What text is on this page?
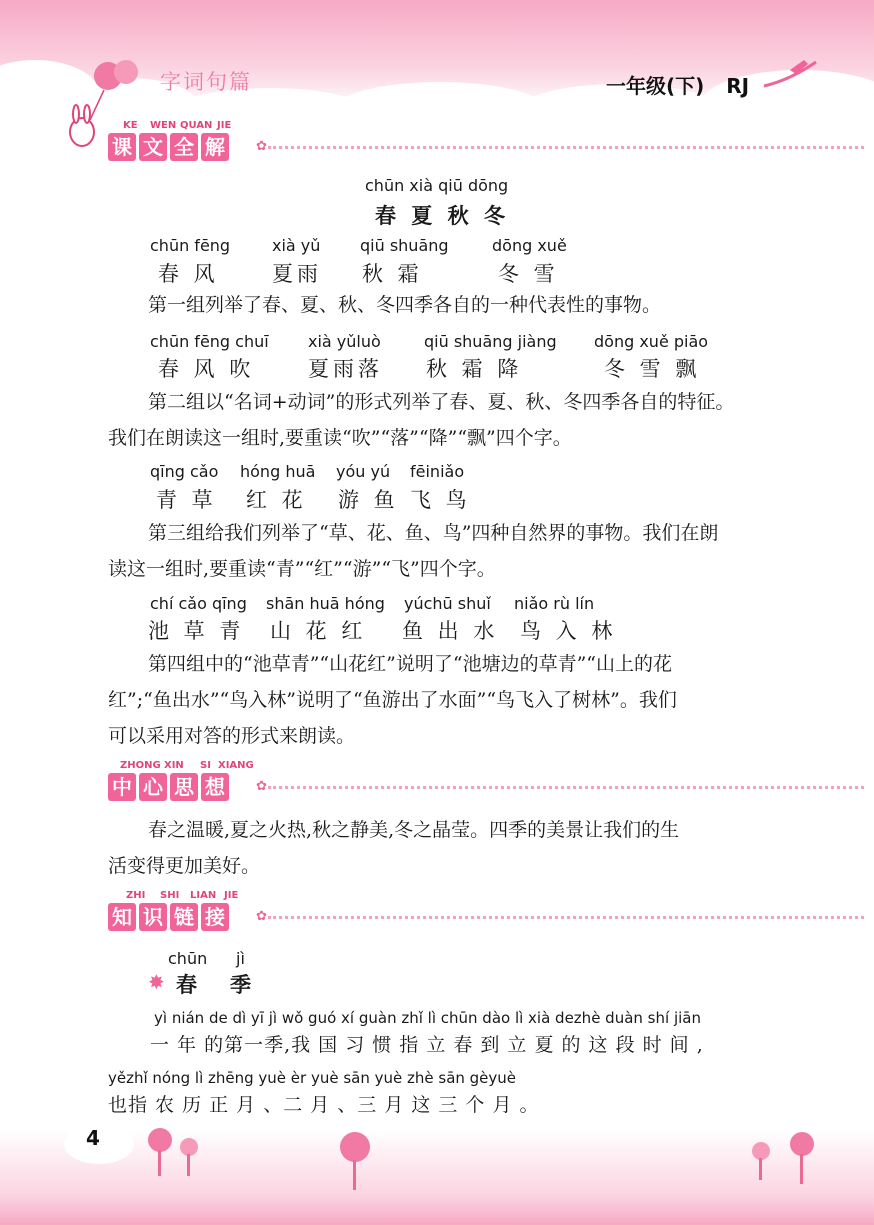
字词句篇	一年级(下) RJ
KE WEN QUAN JIE
课 文 全 解	✿
chūn xià qiū dōng
春 夏 秋 冬
chūn fēng	xià yǔ qiū shuāng	dōng xuě
春 风	夏雨 秋 霜	冬 雪
第一组列举了春、夏、秋、冬四季各自的一种代表性的事物。
chūn fēng chuī xià yǔluò	qiū shuāng jiàng dōng xuě piāo
春 风 吹	夏雨落 秋 霜 降	冬 雪 飘
第二组以“名词+动词”的形式列举了春、夏、秋、冬四季各自的特征。
我们在朗读这一组时,要重读“吹”“落”“降”“飘”四个字。
qīng cǎo hóng huā yóu yú fēiniǎo
青 草 红 花 游 鱼 飞 鸟
第三组给我们列举了“草、花、鱼、鸟”四种自然界的事物。我们在朗
读这一组时,要重读“青”“红”“游”“飞”四个字。
chí cǎo qīng shān huā hóng yúchū shuǐ niǎo rù lín
池 草 青 山 花 红 鱼 出 水 鸟 入 林
第四组中的“池草青”“山花红”说明了“池塘边的草青”“山上的花
红”;“鱼出水”“鸟入林”说明了“鱼游出了水面”“鸟飞入了树林”。我们
可以采用对答的形式来朗读。
ZHONG XIN SI XIANG
中 心 思 想	✿
春之温暖,夏之火热,秋之静美,冬之晶莹。四季的美景让我们的生
活变得更加美好。
ZHI SHI LIAN JIE
知 识 链 接	✿
chūn jì
✸ 春 季
yì nián de dì yī jì wǒ guó xí guàn zhǐ lì chūn dào lì xià dezhè duàn shí jiān
一 年 的第一季,我 国 习 惯 指 立 春 到 立 夏 的 这 段 时 间 ,
yězhǐ nóng lì zhēng yuè èr yuè sān yuè zhè sān gèyuè
也指 农 历 正 月 、二 月 、三 月 这 三 个 月 。
4
